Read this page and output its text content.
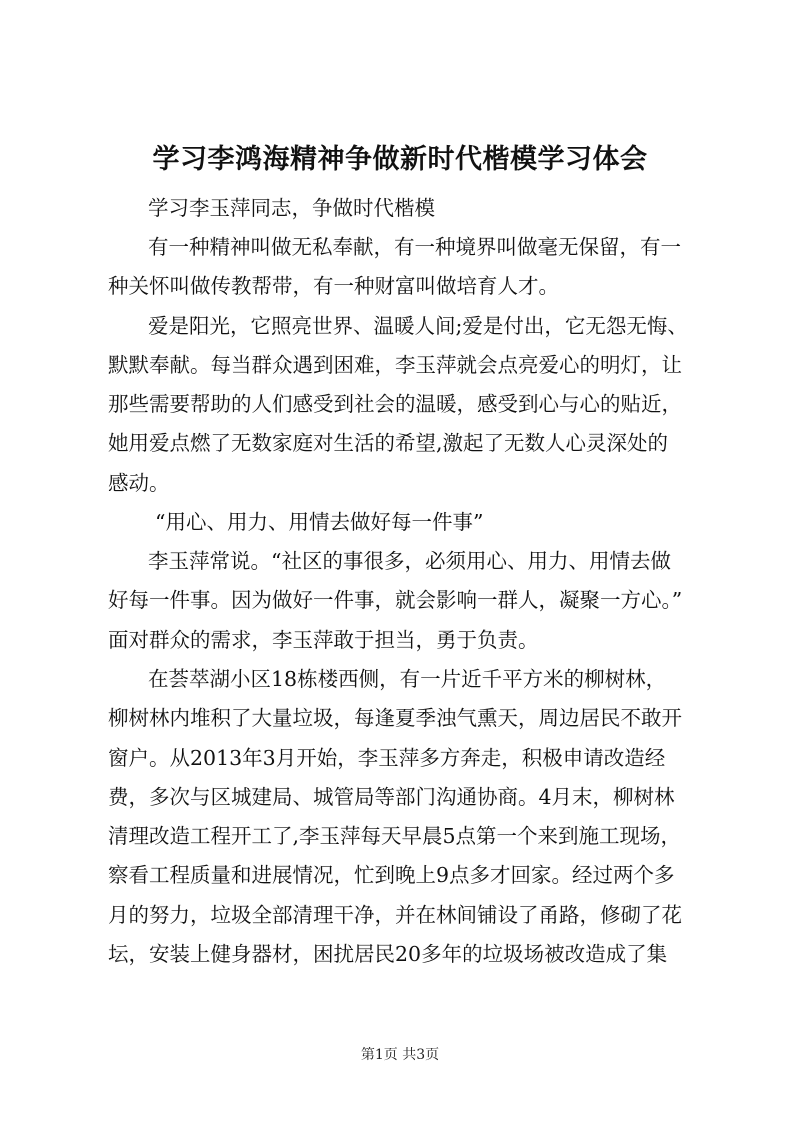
学习李鸿海精神争做新时代楷模学习体会

学习李玉萍同志，争做时代楷模

有一种精神叫做无私奉献，有一种境界叫做毫无保留，有一

种关怀叫做传教帮带，有一种财富叫做培育人才。

爱是阳光，它照亮世界、温暖人间;爱是付出，它无怨无悔、

默默奉献。每当群众遇到困难，李玉萍就会点亮爱心的明灯，让

那些需要帮助的人们感受到社会的温暖，感受到心与心的贴近，

她用爱点燃了无数家庭对生活的希望,激起了无数人心灵深处的

感动。

“用心、用力、用情去做好每一件事”

李玉萍常说。“社区的事很多，必须用心、用力、用情去做

好每一件事。因为做好一件事，就会影响一群人，凝聚一方心。”

面对群众的需求，李玉萍敢于担当，勇于负责。

在荟萃湖小区18栋楼西侧，有一片近千平方米的柳树林，

柳树林内堆积了大量垃圾，每逢夏季浊气熏天，周边居民不敢开

窗户。从2013年3月开始，李玉萍多方奔走，积极申请改造经

费，多次与区城建局、城管局等部门沟通协商。4月末，柳树林

清理改造工程开工了,李玉萍每天早晨5点第一个来到施工现场，

察看工程质量和进展情况，忙到晚上9点多才回家。经过两个多

月的努力，垃圾全部清理干净，并在林间铺设了甬路，修砌了花

坛，安装上健身器材，困扰居民20多年的垃圾场被改造成了集

第1页 共3页
